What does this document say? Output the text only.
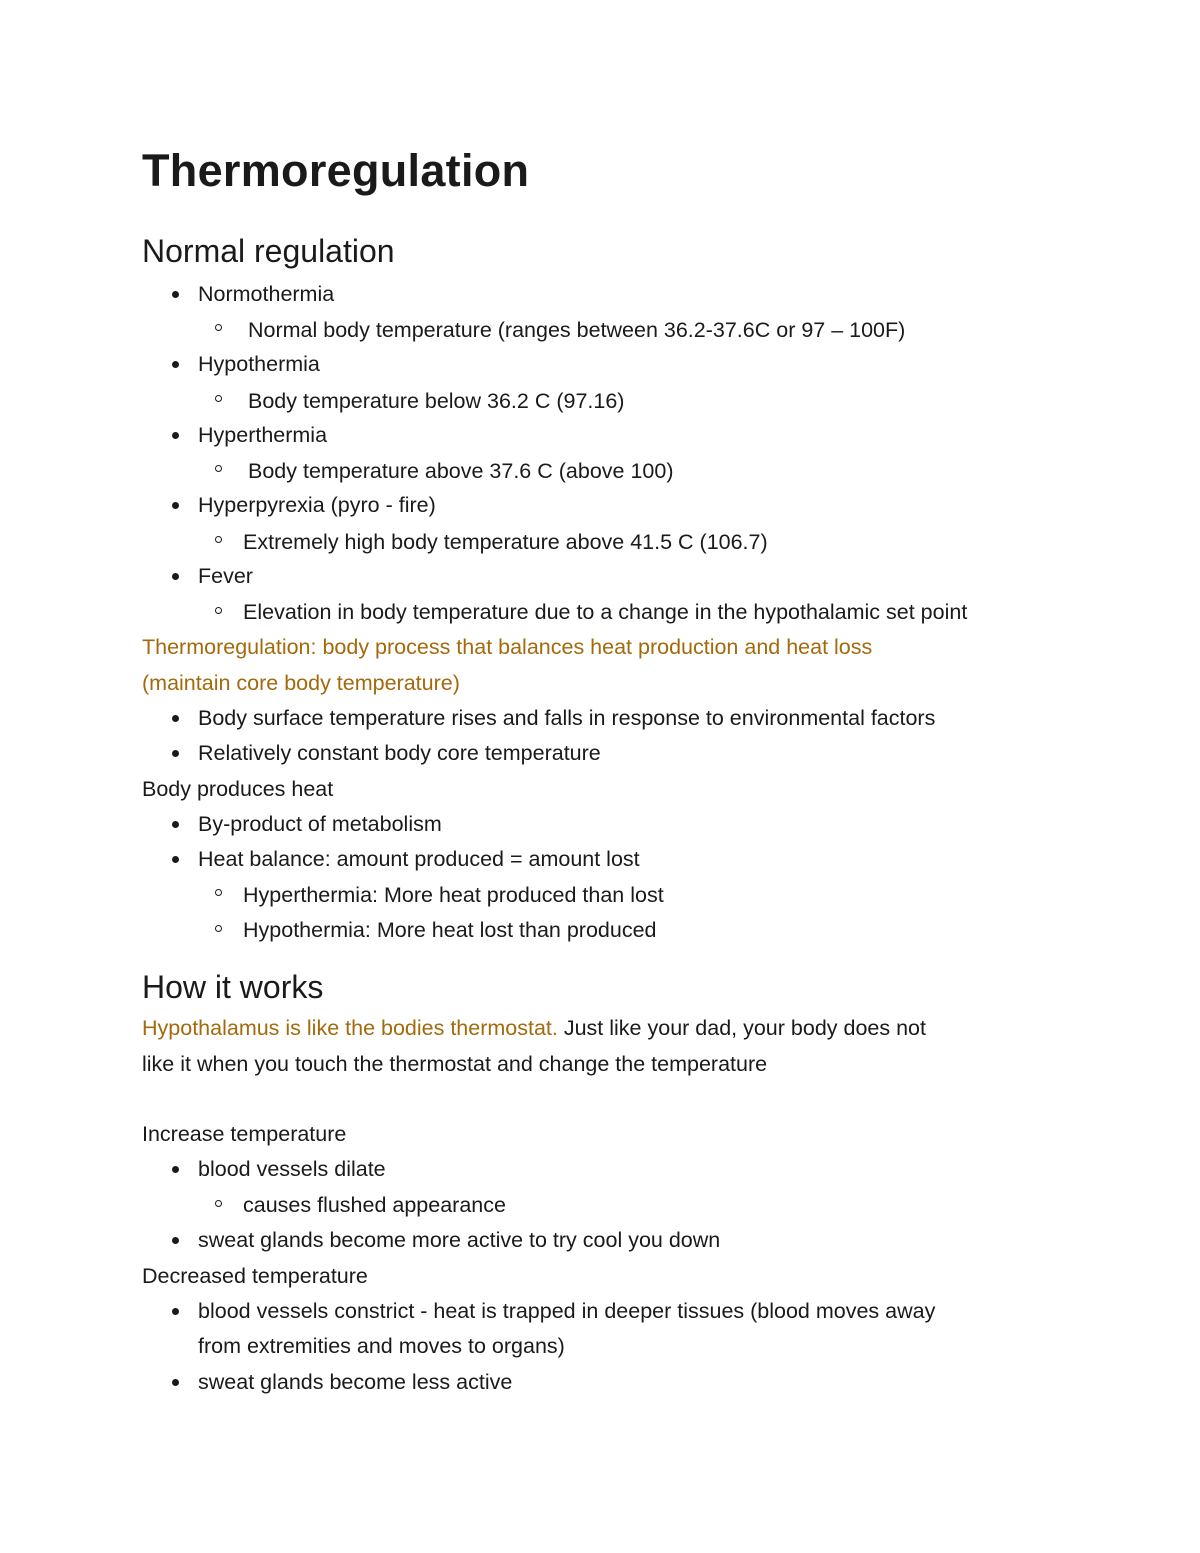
Thermoregulation
Normal regulation
Normothermia
Normal body temperature (ranges between 36.2-37.6C or 97 – 100F)
Hypothermia
Body temperature below 36.2 C (97.16)
Hyperthermia
Body temperature above 37.6 C (above 100)
Hyperpyrexia (pyro - fire)
Extremely high body temperature above 41.5 C (106.7)
Fever
Elevation in body temperature due to a change in the hypothalamic set point
Thermoregulation: body process that balances heat production and heat loss
(maintain core body temperature)
Body surface temperature rises and falls in response to environmental factors
Relatively constant body core temperature
Body produces heat
By-product of metabolism
Heat balance: amount produced = amount lost
Hyperthermia: More heat produced than lost
Hypothermia: More heat lost than produced
How it works
Hypothalamus is like the bodies thermostat. Just like your dad, your body does not
like it when you touch the thermostat and change the temperature
Increase temperature
blood vessels dilate
causes flushed appearance
sweat glands become more active to try cool you down
Decreased temperature
blood vessels constrict - heat is trapped in deeper tissues (blood moves away
from extremities and moves to organs)
sweat glands become less active
